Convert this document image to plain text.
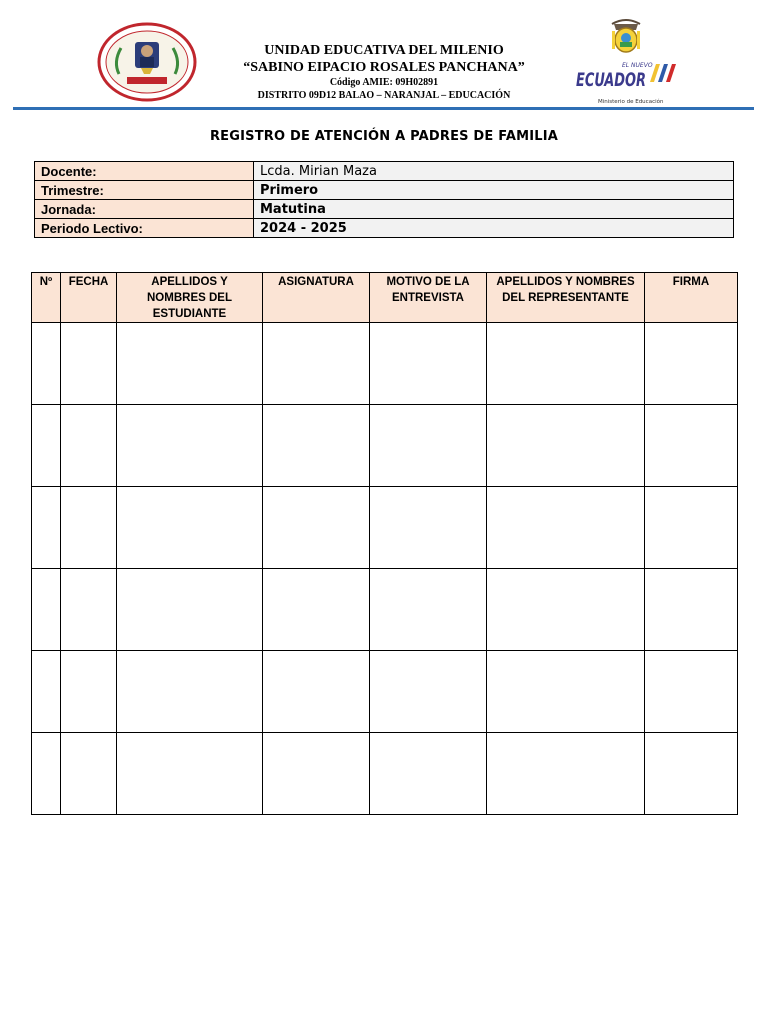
ECUADOR
EL NUEVO
Ministerio de Educación
UNIDAD EDUCATIVA DEL MILENIO
“SABINO EIPACIO ROSALES PANCHANA”
Código AMIE: 09H02891
DISTRITO 09D12 BALAO – NARANJAL – EDUCACIÓN
REGISTRO DE ATENCIÓN A PADRES DE FAMILIA
Docente:	Lcda. Mirian Maza
Trimestre:	Primero
Jornada:	Matutina
Periodo Lectivo:	2024 - 2025
Nº	FECHA	APELLIDOS Y NOMBRES DEL ESTUDIANTE	ASIGNATURA	MOTIVO DE LA ENTREVISTA	APELLIDOS Y NOMBRES DEL REPRESENTANTE	FIRMA
